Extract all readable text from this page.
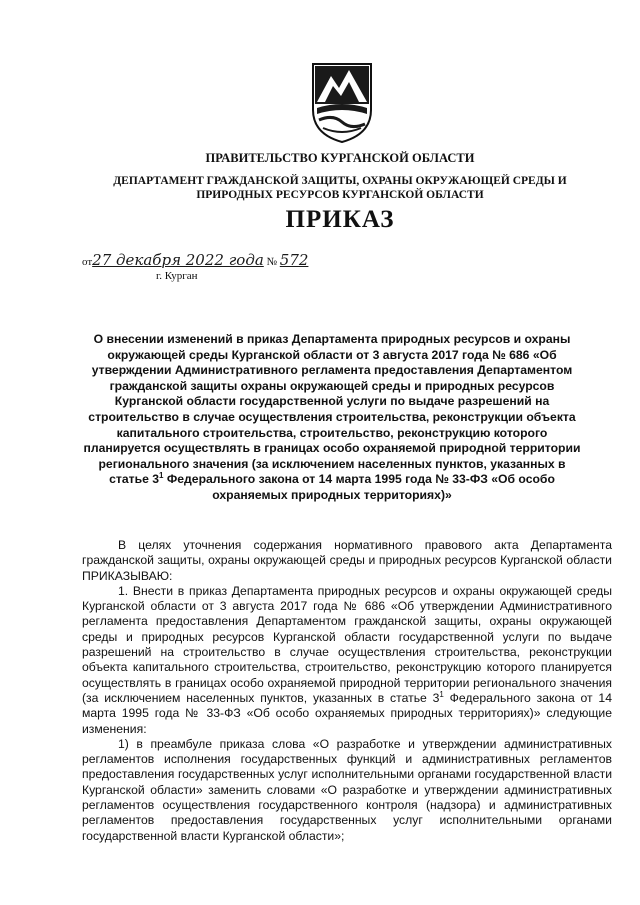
ПРАВИТЕЛЬСТВО КУРГАНСКОЙ ОБЛАСТИ
ДЕПАРТАМЕНТ ГРАЖДАНСКОЙ ЗАЩИТЫ, ОХРАНЫ ОКРУЖАЮЩЕЙ СРЕДЫ И
ПРИРОДНЫХ РЕСУРСОВ КУРГАНСКОЙ ОБЛАСТИ
ПРИКАЗ
от27 декабря 2022 года № 572
г. Курган
О внесении изменений в приказ Департамента природных ресурсов и охраны окружающей среды Курганской области от 3 августа 2017 года № 686 «Об утверждении Административного регламента предоставления Департаментом гражданской защиты охраны окружающей среды и природных ресурсов Курганской области государственной услуги по выдаче разрешений на строительство в случае осуществления строительства, реконструкции объекта капитального строительства, строительство, реконструкцию которого планируется осуществлять в границах особо охраняемой природной территории регионального значения (за исключением населенных пунктов, указанных в статье $3^1$ Федерального закона от 14 марта 1995 года № 33-ФЗ «Об особо охраняемых природных территориях)»

В целях уточнения содержания нормативного правового акта Департамента гражданской защиты, охраны окружающей среды и природных ресурсов Курганской области ПРИКАЗЫВАЮ:

1. Внести в приказ Департамента природных ресурсов и охраны окружающей среды Курганской области от 3 августа 2017 года № 686 «Об утверждении Административного регламента предоставления Департаментом гражданской защиты, охраны окружающей среды и природных ресурсов Курганской области государственной услуги по выдаче разрешений на строительство в случае осуществления строительства, реконструкции объекта капитального строительства, строительство, реконструкцию которого планируется осуществлять в границах особо охраняемой природной территории регионального значения (за исключением населенных пунктов, указанных в статье $3^1$ Федерального закона от 14 марта 1995 года № 33-ФЗ «Об особо охраняемых природных территориях)» следующие изменения:

1) в преамбуле приказа слова «О разработке и утверждении административных регламентов исполнения государственных функций и административных регламентов предоставления государственных услуг исполнительными органами государственной власти Курганской области» заменить словами «О разработке и утверждении административных регламентов осуществления государственного контроля (надзора) и административных регламентов предоставления государственных услуг исполнительными органами государственной власти Курганской области»;
